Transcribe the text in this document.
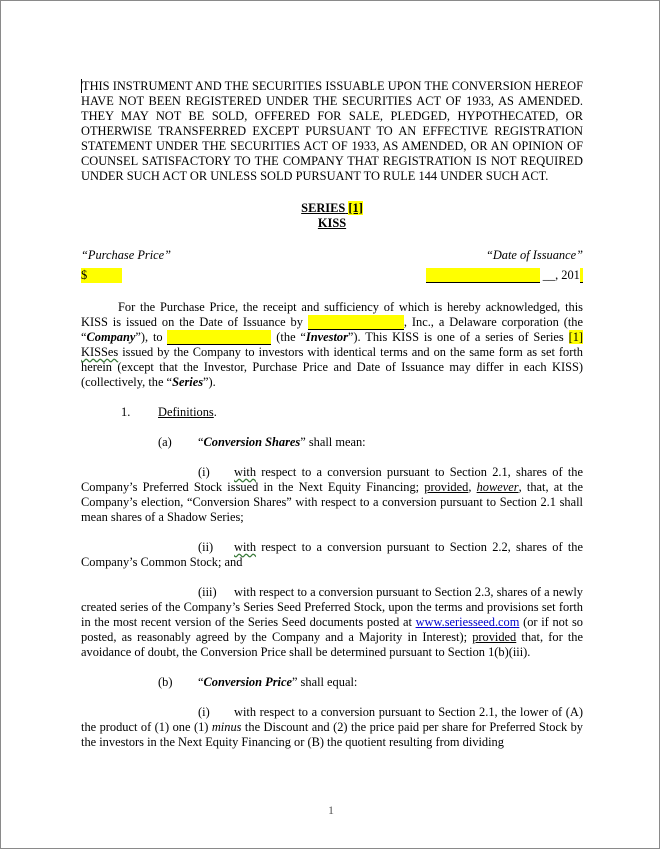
THIS INSTRUMENT AND THE SECURITIES ISSUABLE UPON THE CONVERSION HEREOF HAVE NOT BEEN REGISTERED UNDER THE SECURITIES ACT OF 1933, AS AMENDED. THEY MAY NOT BE SOLD, OFFERED FOR SALE, PLEDGED, HYPOTHECATED, OR OTHERWISE TRANSFERRED EXCEPT PURSUANT TO AN EFFECTIVE REGISTRATION STATEMENT UNDER THE SECURITIES ACT OF 1933, AS AMENDED, OR AN OPINION OF COUNSEL SATISFACTORY TO THE COMPANY THAT REGISTRATION IS NOT REQUIRED UNDER SUCH ACT OR UNLESS SOLD PURSUANT TO RULE 144 UNDER SUCH ACT.

SERIES [1]

KISS

“Purchase Price”	“Date of Issuance”
$	__, 201

For the Purchase Price, the receipt and sufficiency of which is hereby acknowledged, this KISS is issued on the Date of Issuance by	, Inc., a Delaware corporation (the “Company”), to	(the “Investor”). This KISS is one of a series of Series [1] KISSes issued by the Company to investors with identical terms and on the same form as set forth herein (except that the Investor, Purchase Price and Date of Issuance may differ in each KISS) (collectively, the “Series”).

1. Definitions.

(a) “Conversion Shares” shall mean:

(i) with respect to a conversion pursuant to Section 2.1, shares of the Company’s Preferred Stock issued in the Next Equity Financing; provided, however, that, at the Company’s election, “Conversion Shares” with respect to a conversion pursuant to Section 2.1 shall mean shares of a Shadow Series;

(ii) with respect to a conversion pursuant to Section 2.2, shares of the Company’s Common Stock; and

(iii) with respect to a conversion pursuant to Section 2.3, shares of a newly created series of the Company’s Series Seed Preferred Stock, upon the terms and provisions set forth in the most recent version of the Series Seed documents posted at www.seriesseed.com (or if not so posted, as reasonably agreed by the Company and a Majority in Interest); provided that, for the avoidance of doubt, the Conversion Price shall be determined pursuant to Section 1(b)(iii).

(b) “Conversion Price” shall equal:

(i) with respect to a conversion pursuant to Section 2.1, the lower of (A) the product of (1) one (1) minus the Discount and (2) the price paid per share for Preferred Stock by the investors in the Next Equity Financing or (B) the quotient resulting from dividing

1
